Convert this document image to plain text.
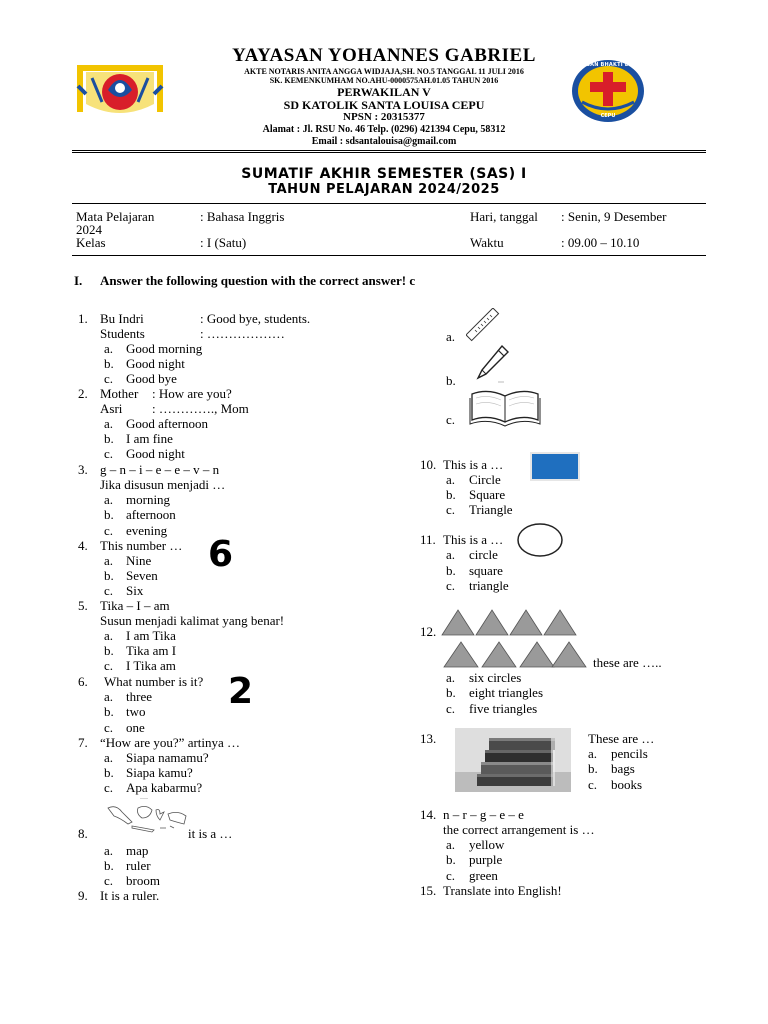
YAYASAN YOHANNES GABRIEL
AKTE NOTARIS ANITA ANGGA WIDJAJA,SH. NO.5 TANGGAL 11 JULI 2016
SK. KEMENKUMHAM NO.AHU-0000575AH.01.05 TAHUN 2016
PERWAKILAN V
SD KATOLIK SANTA LOUISA CEPU
NPSN : 20315377
Alamat : Jl. RSU No. 46 Telp. (0296) 421394 Cepu, 58312
Email : sdsantalouisa@gmail.com
YAYASAN BHAKTI LUHUR
CEPU
SUMATIF AKHIR SEMESTER (SAS) I
TAHUN PELAJARAN 2024/2025
Mata Pelajaran	: Bahasa Inggris	Hari, tanggal : Senin, 9 Desember
2024
Kelas	: I (Satu)	Waktu	: 09.00 – 10.10
I. Answer the following question with the correct answer! c
1. Bu Indri	: Good bye, students.
Students	: ………………
a. Good morning
b. Good night
c. Good bye
2. Mother : How are you?
Asri : …………., Mom
a. Good afternoon
b. I am fine
c. Good night
3. g – n – i – e – e – v – n
Jika disusun menjadi …
a. morning
b. afternoon
c. evening
4. This number … 6
a. Nine
b. Seven
c. Six
5. Tika – I – am
Susun menjadi kalimat yang benar!
a. I am Tika
b. Tika am I
c. I Tika am
6. What number is it? 2
a. three
b. two
c. one
7. “How are you?” artinya …
a. Siapa namamu?
b. Siapa kamu?
c. Apa kabarmu?
8.	it is a …
a. map
b. ruler
c. broom
9. It is a ruler.
a.
b.
c.
10. This is a …
a. Circle
b. Square
c. Triangle
11. This is a …
a. circle
b. square
c. triangle
12.
these are …..
a. six circles
b. eight triangles
c. five triangles
13.	These are …
a. pencils
b. bags
c. books
14. n – r – g – e – e
the correct arrangement is …
a. yellow
b. purple
c. green
15. Translate into English!
